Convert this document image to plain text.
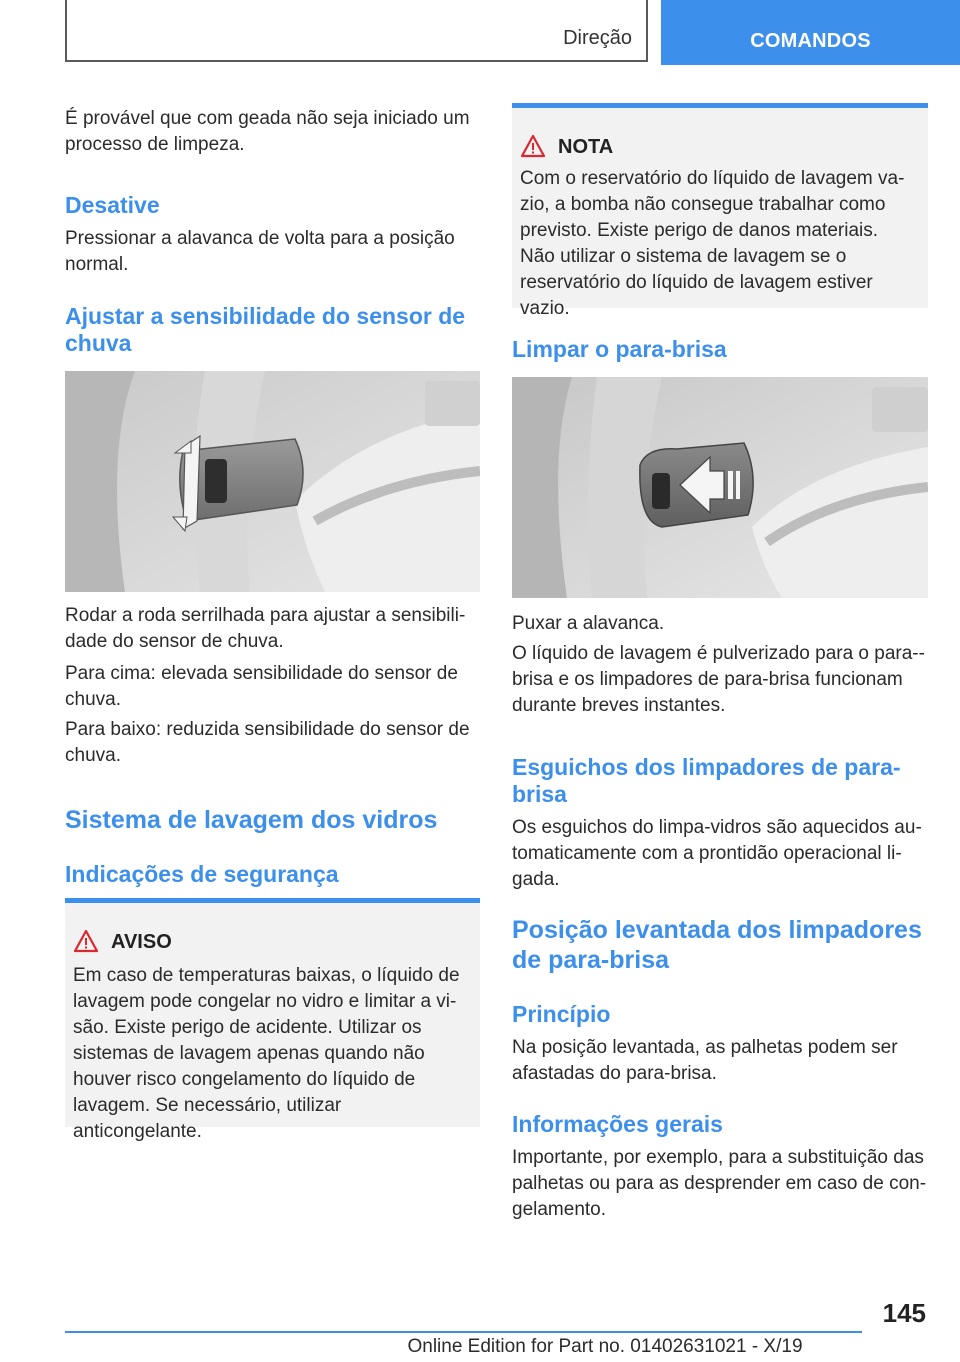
Direção	COMANDOS

É provável que com geada não seja iniciado um processo de limpeza.

Desative

Pressionar a alavanca de volta para a posição normal.

Ajustar a sensibilidade do sensor de chuva

Rodar a roda serrilhada para ajustar a sensibilidade do sensor de chuva.

Para cima: elevada sensibilidade do sensor de chuva.

Para baixo: reduzida sensibilidade do sensor de chuva.

Sistema de lavagem dos vidros
Indicações de segurança
AVISO

Em caso de temperaturas baixas, o líquido de lavagem pode congelar no vidro e limitar a visão. Existe perigo de acidente. Utilizar os sistemas de lavagem apenas quando não houver risco congelamento do líquido de lavagem. Se necessário, utilizar anticongelante.

NOTA

Com o reservatório do líquido de lavagem vazio, a bomba não consegue trabalhar como previsto. Existe perigo de danos materiais. Não utilizar o sistema de lavagem se o reservatório do líquido de lavagem estiver vazio.

Limpar o para-brisa

Puxar a alavanca.

O líquido de lavagem é pulverizado para o para-brisa e os limpadores de para-brisa funcionam durante breves instantes.

Esguichos dos limpadores de para-brisa

Os esguichos do limpa-vidros são aquecidos automaticamente com a prontidão operacional ligada.

Posição levantada dos limpadores de para-brisa
Princípio

Na posição levantada, as palhetas podem ser afastadas do para-brisa.

Informações gerais

Importante, por exemplo, para a substituição das palhetas ou para as desprender em caso de congelamento.

145
Online Edition for Part no. 01402631021 - X/19
